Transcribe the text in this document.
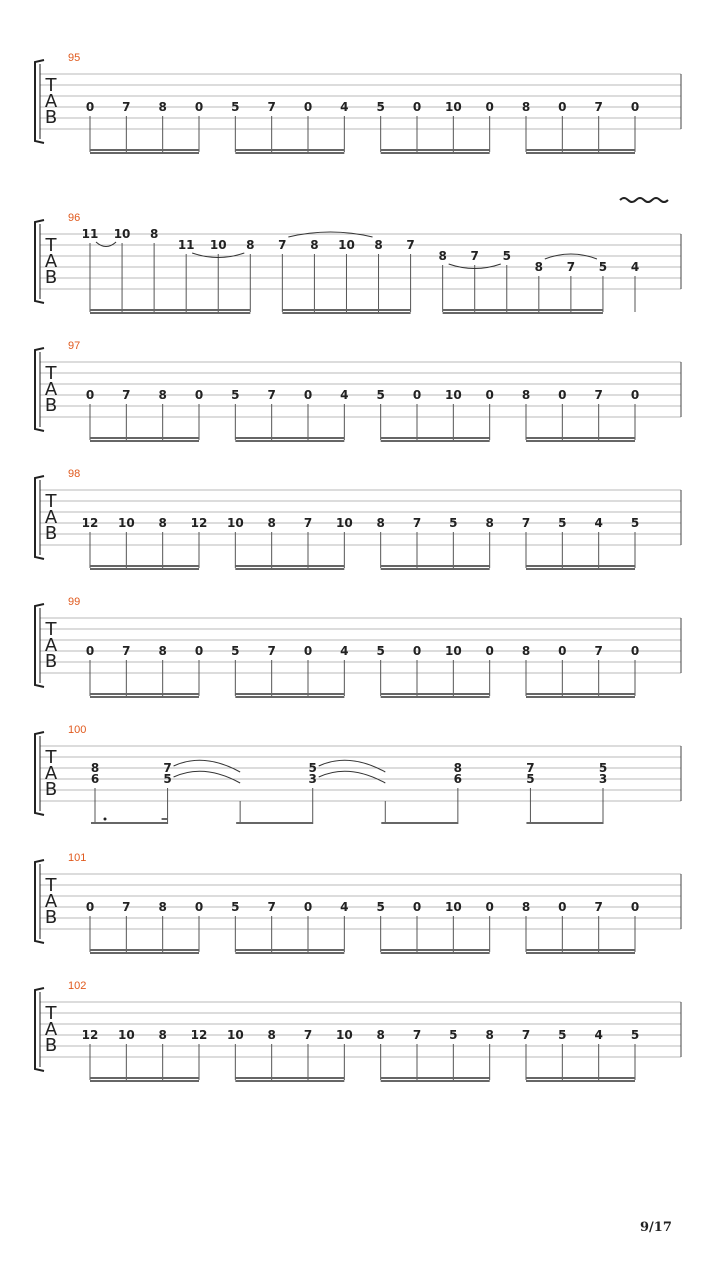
95
T
A
B 0 7 8 0 5 7 0 4 5 0 10 0 8 0 7 0
96
T
A
B
11 10 8
11 10 8 7 8 10 8 7
8 7 5
8 7 5 4
97
T
A
B 0 7 8 0 5 7 0 4 5 0 10 0 8 0 7 0
98
T
A
B 12 10 8 12 10 8 7 10 8 7 5 8 7 5 4 5
99
T
A
B 0 7 8 0 5 7 0 4 5 0 10 0 8 0 7 0
100
T
A
B
8
6
7
5
5
3
8
6
7
5
5
3
101
T
A
B 0 7 8 0 5 7 0 4 5 0 10 0 8 0 7 0
102
T
A
B 12 10 8 12 10 8 7 10 8 7 5 8 7 5 4 5
9/17
